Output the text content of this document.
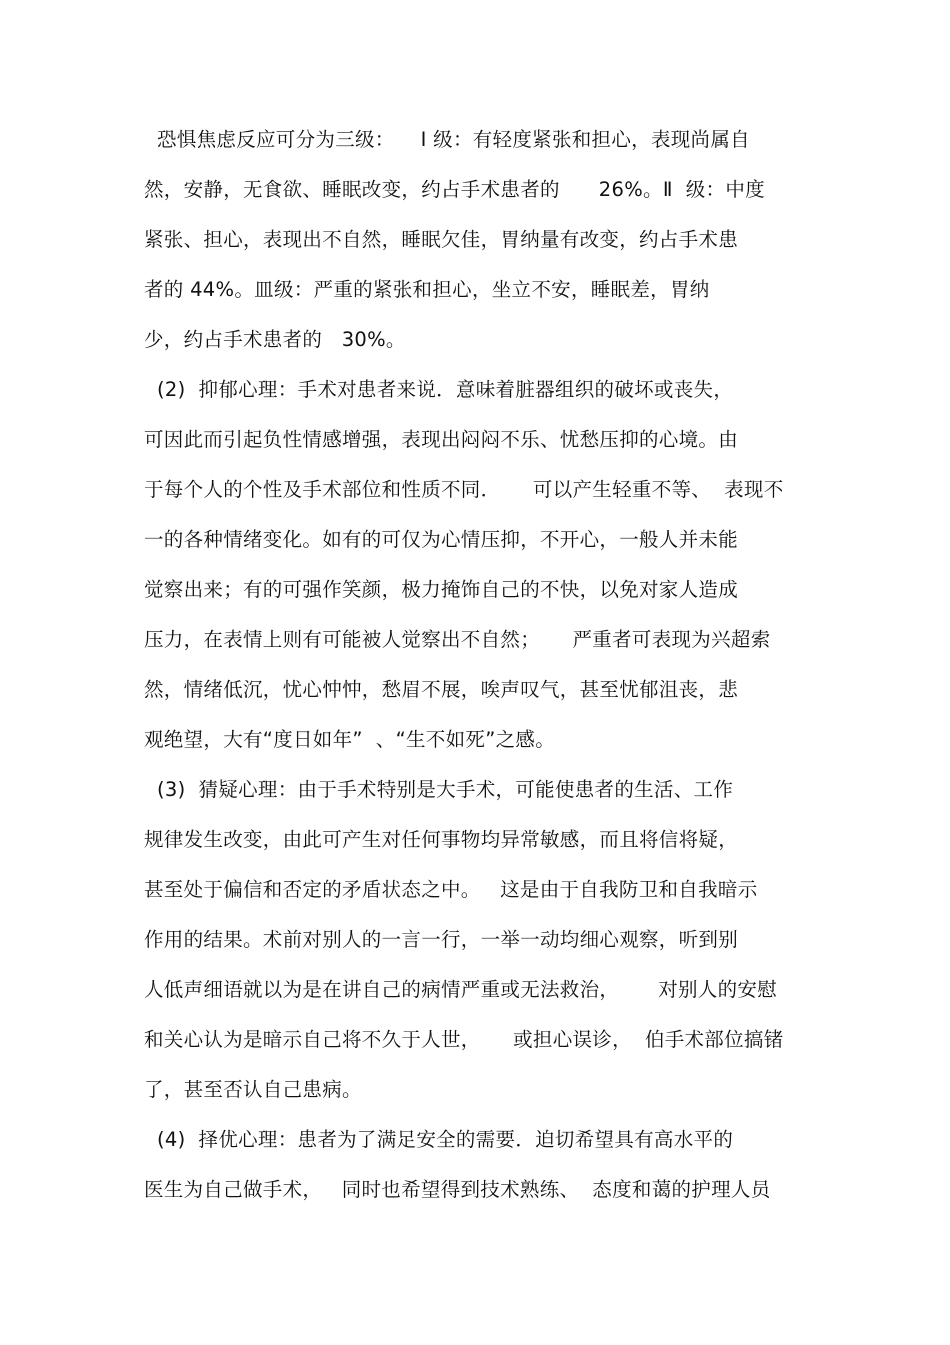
恐惧焦虑反应可分为三级：    Ⅰ 级：有轻度紧张和担心，表现尚属自
然，安静，无食欲、睡眠改变，约占手术患者的      26%。Ⅱ  级：中度
紧张、担心，表现出不自然，睡眠欠佳，胃纳量有改变，约占手术患
者的 44%。皿级：严重的紧张和担心，坐立不安，睡眠差，胃纳
少，约占手术患者的   30%。
(2)  抑郁心理：手术对患者来说．意味着脏器组织的破坏或丧失，
可因此而引起负性情感增强，表现出闷闷不乐、忧愁压抑的心境。由
于每个人的个性及手术部位和性质不同．     可以产生轻重不等、  表现不
一的各种情绪变化。如有的可仅为心情压抑，不开心，一般人并未能
觉察出来；有的可强作笑颜，极力掩饰自己的不快，以免对家人造成
压力，在表情上则有可能被人觉察出不自然；     严重者可表现为兴超索
然，情绪低沉，忧心忡忡，愁眉不展，唉声叹气，甚至忧郁沮丧，悲
观绝望，大有“度日如年”  、“生不如死”之感。
(3)  猜疑心理：由于手术特别是大手术，可能使患者的生活、工作
规律发生改变，由此可产生对任何事物均异常敏感，而且将信将疑，
甚至处于偏信和否定的矛盾状态之中。   这是由于自我防卫和自我暗示
作用的结果。术前对别人的一言一行，一举一动均细心观察，听到别
人低声细语就以为是在讲自己的病情严重或无法救治，      对别人的安慰
和关心认为是暗示自己将不久于人世，     或担心误诊，  伯手术部位搞锗
了，甚至否认自己患病。
(4)  择优心理：患者为了满足安全的需要．迫切希望具有高水平的
医生为自己做手术，   同时也希望得到技术熟练、  态度和蔼的护理人员
